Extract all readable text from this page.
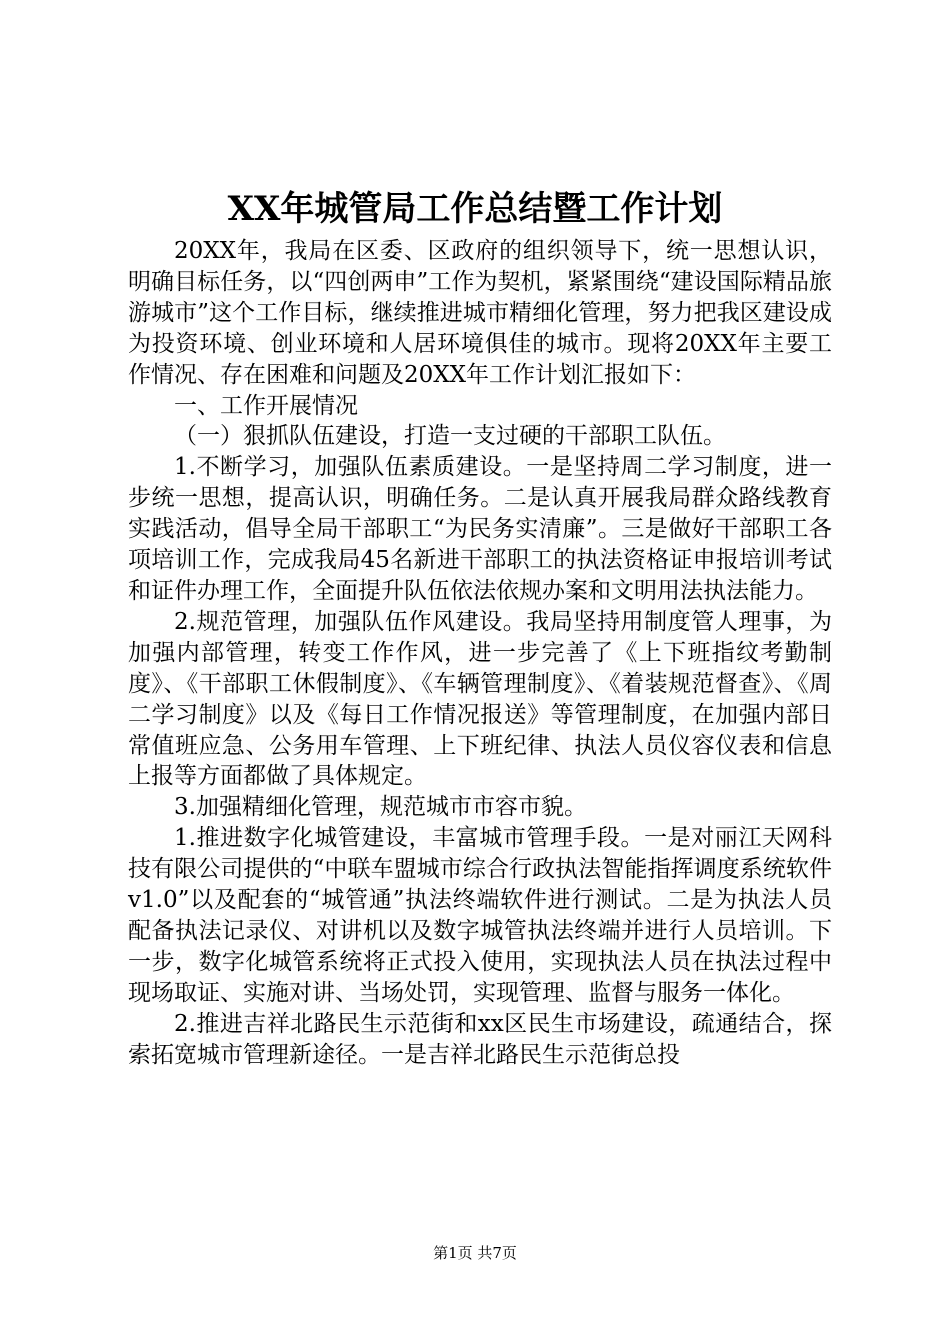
XX年城管局工作总结暨工作计划

20XX年，我局在区委、区政府的组织领导下，统一思想认识，明确目标任务，以“四创两申”工作为契机，紧紧围绕“建设国际精品旅游城市”这个工作目标，继续推进城市精细化管理，努力把我区建设成为投资环境、创业环境和人居环境俱佳的城市。现将20XX年主要工作情况、存在困难和问题及20XX年工作计划汇报如下：

一、工作开展情况

（一）狠抓队伍建设，打造一支过硬的干部职工队伍。

1.不断学习，加强队伍素质建设。一是坚持周二学习制度，进一步统一思想，提高认识，明确任务。二是认真开展我局群众路线教育实践活动，倡导全局干部职工“为民务实清廉”。三是做好干部职工各项培训工作，完成我局45名新进干部职工的执法资格证申报培训考试和证件办理工作，全面提升队伍依法依规办案和文明用法执法能力。

2.规范管理，加强队伍作风建设。我局坚持用制度管人理事，为加强内部管理，转变工作作风，进一步完善了《上下班指纹考勤制度》、《干部职工休假制度》、《车辆管理制度》、《着装规范督查》、《周二学习制度》以及《每日工作情况报送》等管理制度，在加强内部日常值班应急、公务用车管理、上下班纪律、执法人员仪容仪表和信息上报等方面都做了具体规定。

3.加强精细化管理，规范城市市容市貌。

1.推进数字化城管建设，丰富城市管理手段。一是对丽江天网科技有限公司提供的“中联车盟城市综合行政执法智能指挥调度系统软件v1.0”以及配套的“城管通”执法终端软件进行测试。二是为执法人员配备执法记录仪、对讲机以及数字城管执法终端并进行人员培训。下一步，数字化城管系统将正式投入使用，实现执法人员在执法过程中现场取证、实施对讲、当场处罚，实现管理、监督与服务一体化。

2.推进吉祥北路民生示范街和xx区民生市场建设，疏通结合，探索拓宽城市管理新途径。一是吉祥北路民生示范街总投

第1页 共7页
